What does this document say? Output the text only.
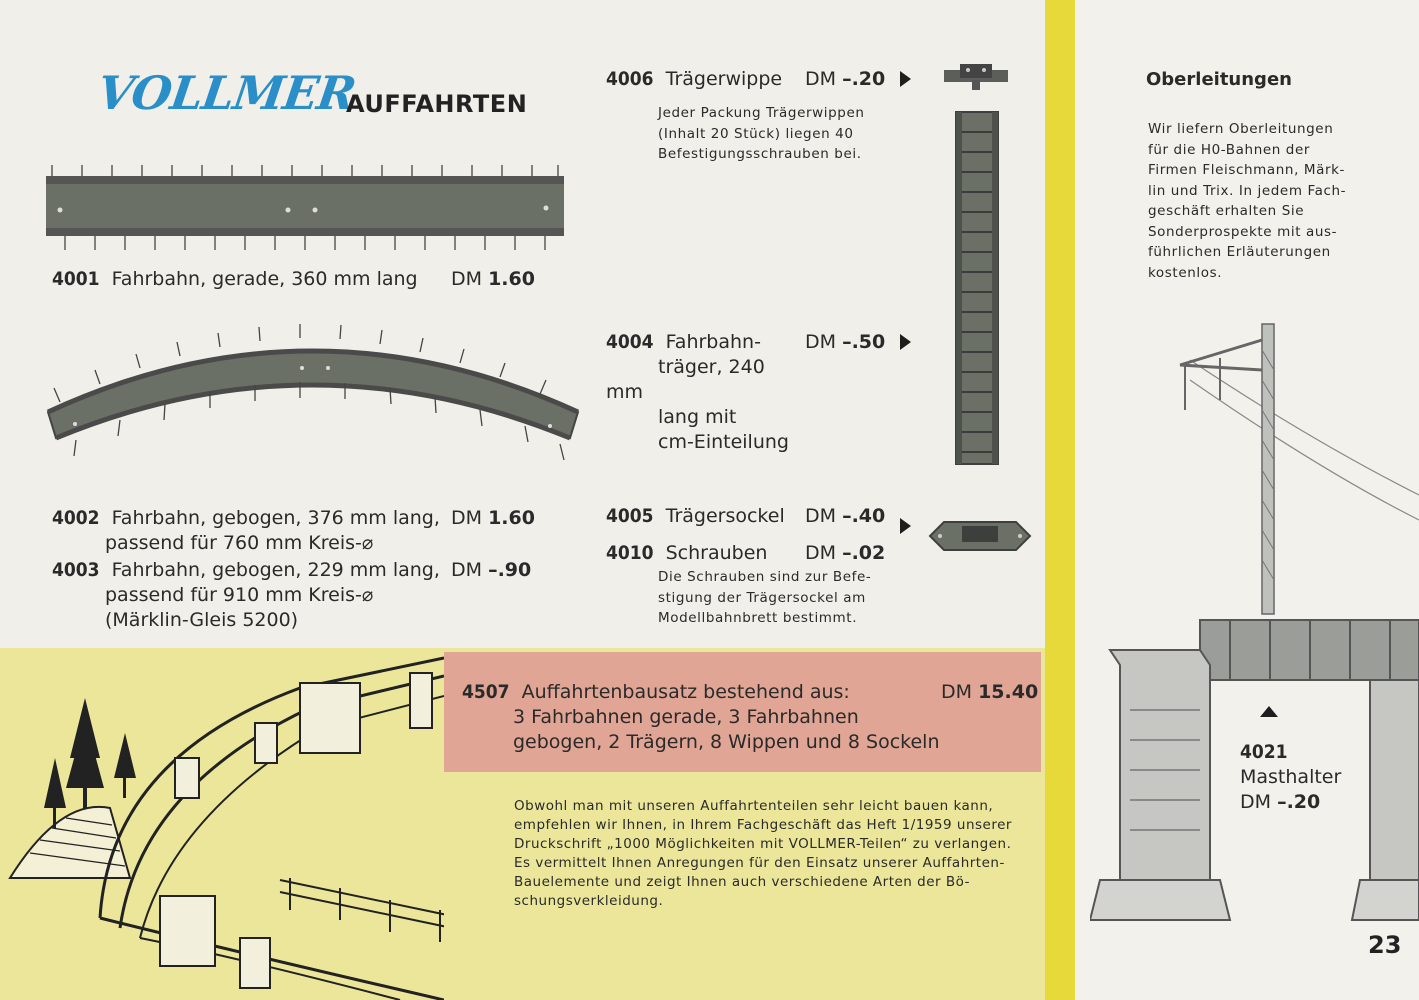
VOLLMER
AUFFAHRTEN
4001 Fahrbahn, gerade, 360 mm lang	DM 1.60
4002 Fahrbahn, gebogen, 376 mm lang,
passend für 760 mm Kreis-⌀
DM 1.60
4003 Fahrbahn, gebogen, 229 mm lang,
passend für 910 mm Kreis-⌀
(Märklin-Gleis 5200)
DM –.90
4006 Trägerwippe DM –.20
Jeder Packung Trägerwippen
(Inhalt 20 Stück) liegen 40
Befestigungsschrauben bei.
4004 Fahrbahn-
träger, 240 mm
lang mit
cm-Einteilung
DM –.50
4005 Trägersockel DM –.40
4010 Schrauben DM –.02
Die Schrauben sind zur Befe-
stigung der Trägersockel am
Modellbahnbrett bestimmt.
4507 Auffahrtenbausatz bestehend aus:
3 Fahrbahnen gerade, 3 Fahrbahnen
gebogen, 2 Trägern, 8 Wippen und 8 Sockeln
DM 15.40
Obwohl man mit unseren Auffahrtenteilen sehr leicht bauen kann,
empfehlen wir Ihnen, in Ihrem Fachgeschäft das Heft 1/1959 unserer
Druckschrift „1000 Möglichkeiten mit VOLLMER-Teilen“ zu verlangen.
Es vermittelt Ihnen Anregungen für den Einsatz unserer Auffahrten-
Bauelemente und zeigt Ihnen auch verschiedene Arten der Bö-
schungsverkleidung.
Oberleitungen
Wir liefern Oberleitungen
für die H0-Bahnen der
Firmen Fleischmann, Märk-
lin und Trix. In jedem Fach-
geschäft erhalten Sie
Sonderprospekte mit aus-
führlichen Erläuterungen
kostenlos.
4021
Masthalter
DM –.20
23
